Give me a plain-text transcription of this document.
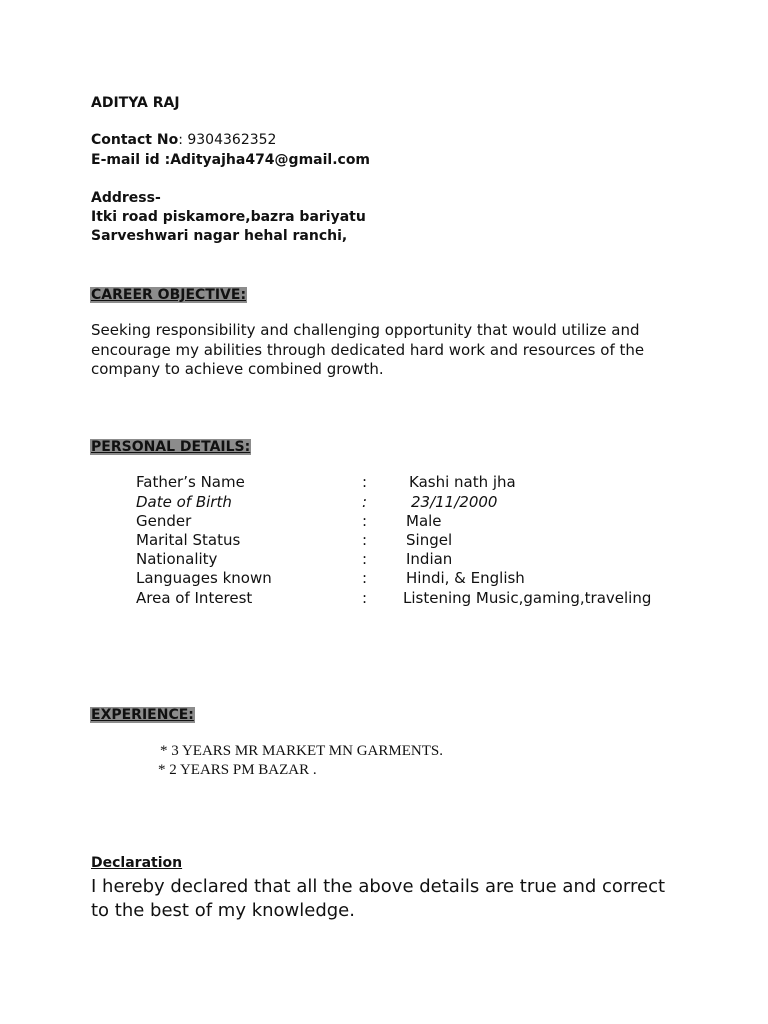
ADITYA RAJ
Contact No: 9304362352
E-mail id :Adityajha474@gmail.com
Address-
Itki road piskamore,bazra bariyatu
Sarveshwari nagar hehal ranchi,
CAREER OBJECTIVE:
Seeking responsibility and challenging opportunity that would utilize and encourage my abilities through dedicated hard work and resources of the company to achieve combined growth.
PERSONAL DETAILS:
Father’s Name	:	Kashi nath jha
Date of Birth	:	23/11/2000
Gender	:	Male
Marital Status	:	Singel
Nationality	:	Indian
Languages known	:	Hindi, & English
Area of Interest	: Listening Music,gaming,traveling
EXPERIENCE:
* 3 YEARS MR MARKET MN GARMENTS.
* 2 YEARS PM BAZAR .
Declaration
I hereby declared that all the above details are true and correct to the best of my knowledge.
